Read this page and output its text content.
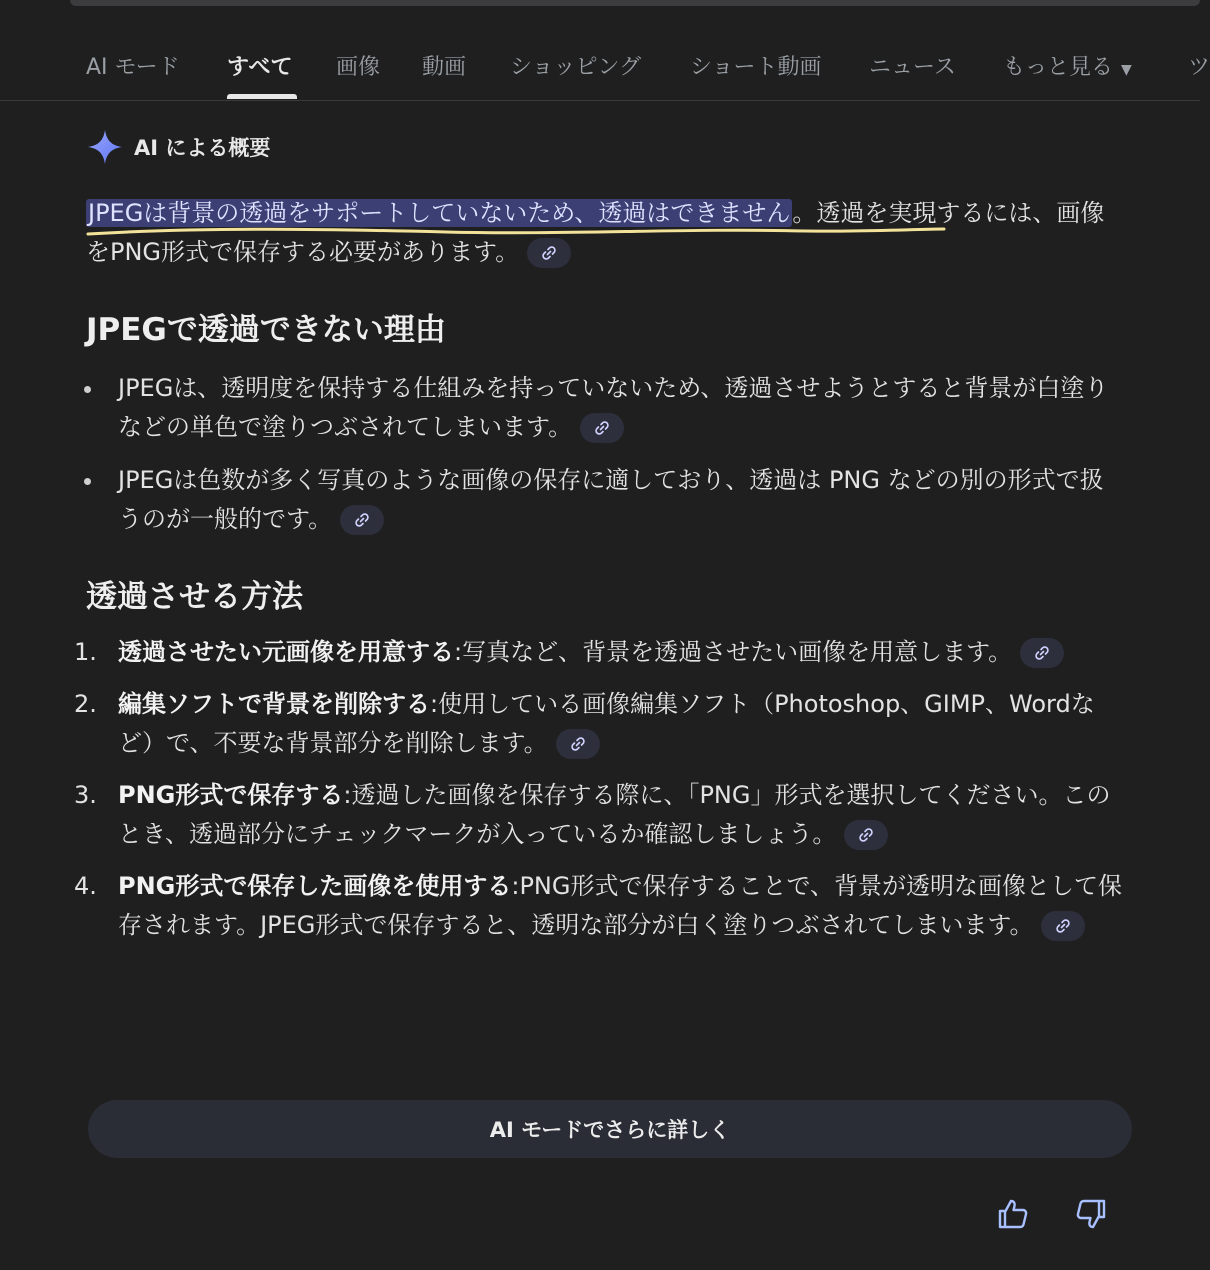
AI モード すべて 画像 動画 ショッピング ショート動画 ニュース もっと見る ▼	ツ
AI による概要

JPEGは背景の透過をサポートしていないため、透過はできません。透過を実現するには、画像をPNG形式で保存する必要があります。

JPEGで透過できない理由
JPEGは、透明度を保持する仕組みを持っていないため、透過させようとすると背景が白塗りなどの単色で塗りつぶされてしまいます。
JPEGは色数が多く写真のような画像の保存に適しており、透過は PNG などの別の形式で扱うのが一般的です。
透過させる方法
1. 透過させたい元画像を用意する:写真など、背景を透過させたい画像を用意します。
2. 編集ソフトで背景を削除する:使用している画像編集ソフト（Photoshop、GIMP、Wordなど）で、不要な背景部分を削除します。
3. PNG形式で保存する:透過した画像を保存する際に、「PNG」形式を選択してください。このとき、透過部分にチェックマークが入っているか確認しましょう。
4. PNG形式で保存した画像を使用する:PNG形式で保存することで、背景が透明な画像として保存されます。JPEG形式で保存すると、透明な部分が白く塗りつぶされてしまいます。
AI モードでさらに詳しく
